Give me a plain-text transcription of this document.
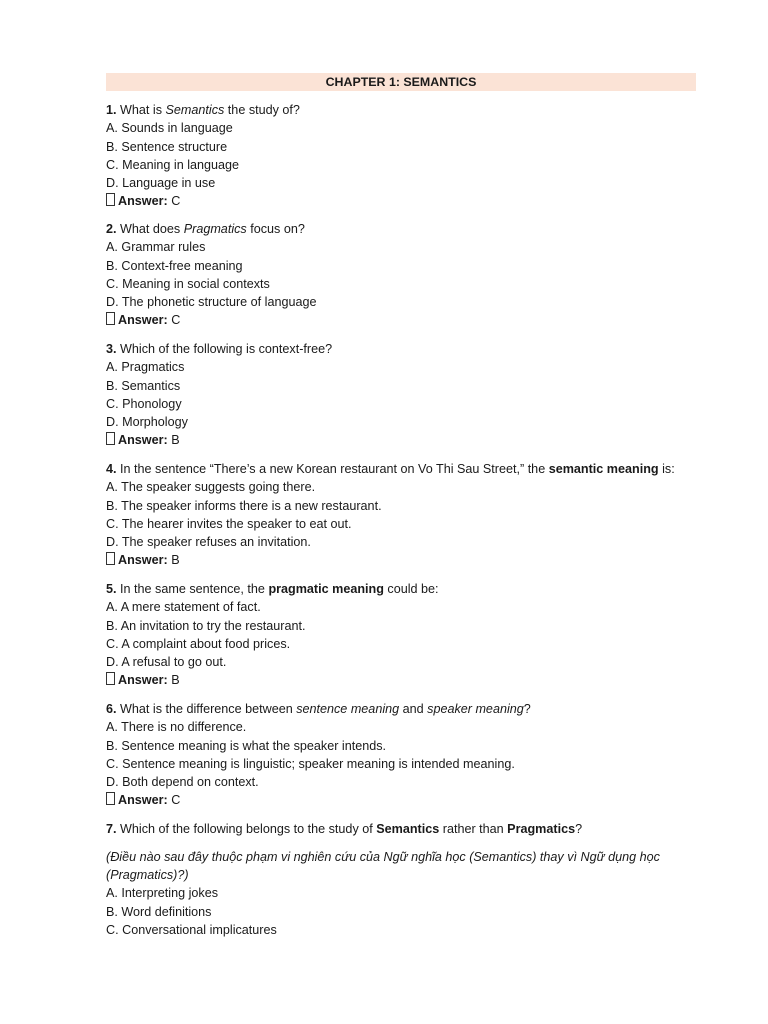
CHAPTER 1: SEMANTICS
1. What is Semantics the study of?
A. Sounds in language
B. Sentence structure
C. Meaning in language
D. Language in use
Answer: C
2. What does Pragmatics focus on?
A. Grammar rules
B. Context-free meaning
C. Meaning in social contexts
D. The phonetic structure of language
Answer: C
3. Which of the following is context-free?
A. Pragmatics
B. Semantics
C. Phonology
D. Morphology
Answer: B
4. In the sentence “There’s a new Korean restaurant on Vo Thi Sau Street,” the semantic meaning is:
A. The speaker suggests going there.
B. The speaker informs there is a new restaurant.
C. The hearer invites the speaker to eat out.
D. The speaker refuses an invitation.
Answer: B
5. In the same sentence, the pragmatic meaning could be:
A. A mere statement of fact.
B. An invitation to try the restaurant.
C. A complaint about food prices.
D. A refusal to go out.
Answer: B
6. What is the difference between sentence meaning and speaker meaning?
A. There is no difference.
B. Sentence meaning is what the speaker intends.
C. Sentence meaning is linguistic; speaker meaning is intended meaning.
D. Both depend on context.
Answer: C
7. Which of the following belongs to the study of Semantics rather than Pragmatics?
(Điều nào sau đây thuộc phạm vi nghiên cứu của Ngữ nghĩa học (Semantics) thay vì Ngữ dụng học (Pragmatics)?)
A. Interpreting jokes
B. Word definitions
C. Conversational implicatures
